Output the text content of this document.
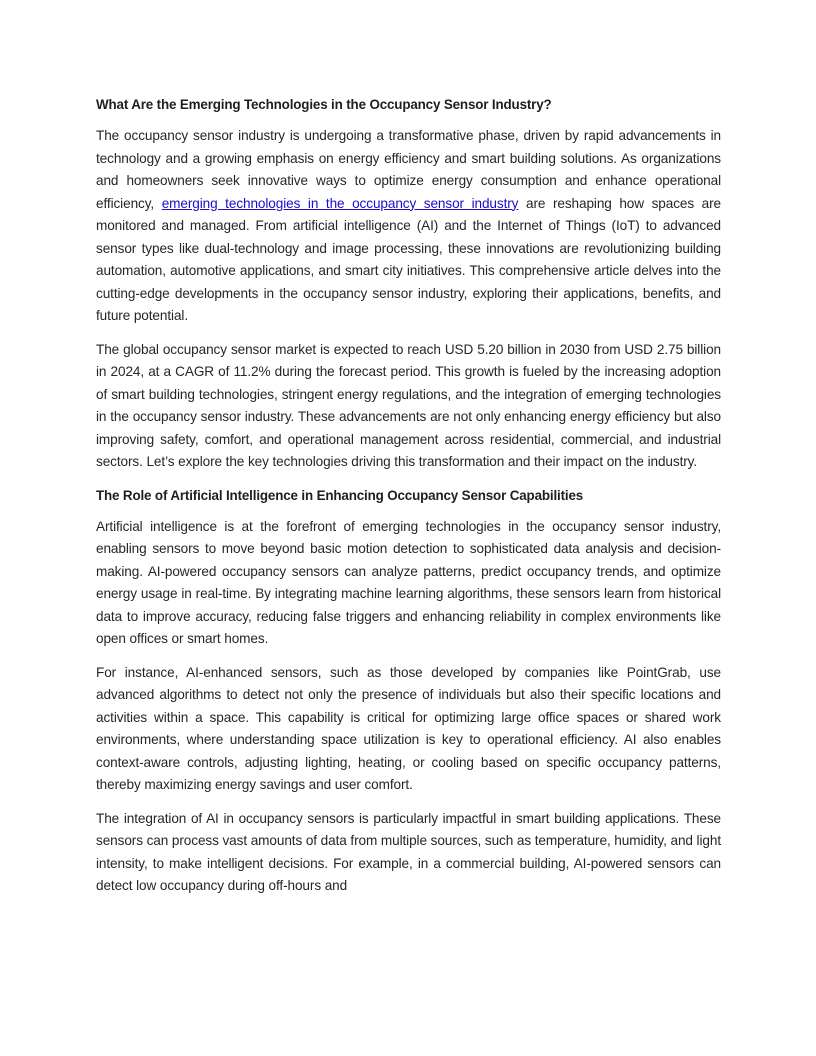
What Are the Emerging Technologies in the Occupancy Sensor Industry?

The occupancy sensor industry is undergoing a transformative phase, driven by rapid advancements in technology and a growing emphasis on energy efficiency and smart building solutions. As organizations and homeowners seek innovative ways to optimize energy consumption and enhance operational efficiency, emerging technologies in the occupancy sensor industry are reshaping how spaces are monitored and managed. From artificial intelligence (AI) and the Internet of Things (IoT) to advanced sensor types like dual-technology and image processing, these innovations are revolutionizing building automation, automotive applications, and smart city initiatives. This comprehensive article delves into the cutting-edge developments in the occupancy sensor industry, exploring their applications, benefits, and future potential.

The global occupancy sensor market is expected to reach USD 5.20 billion in 2030 from USD 2.75 billion in 2024, at a CAGR of 11.2% during the forecast period. This growth is fueled by the increasing adoption of smart building technologies, stringent energy regulations, and the integration of emerging technologies in the occupancy sensor industry. These advancements are not only enhancing energy efficiency but also improving safety, comfort, and operational management across residential, commercial, and industrial sectors. Let’s explore the key technologies driving this transformation and their impact on the industry.

The Role of Artificial Intelligence in Enhancing Occupancy Sensor Capabilities

Artificial intelligence is at the forefront of emerging technologies in the occupancy sensor industry, enabling sensors to move beyond basic motion detection to sophisticated data analysis and decision-making. AI-powered occupancy sensors can analyze patterns, predict occupancy trends, and optimize energy usage in real-time. By integrating machine learning algorithms, these sensors learn from historical data to improve accuracy, reducing false triggers and enhancing reliability in complex environments like open offices or smart homes.

For instance, AI-enhanced sensors, such as those developed by companies like PointGrab, use advanced algorithms to detect not only the presence of individuals but also their specific locations and activities within a space. This capability is critical for optimizing large office spaces or shared work environments, where understanding space utilization is key to operational efficiency. AI also enables context-aware controls, adjusting lighting, heating, or cooling based on specific occupancy patterns, thereby maximizing energy savings and user comfort.

The integration of AI in occupancy sensors is particularly impactful in smart building applications. These sensors can process vast amounts of data from multiple sources, such as temperature, humidity, and light intensity, to make intelligent decisions. For example, in a commercial building, AI-powered sensors can detect low occupancy during off-hours and
